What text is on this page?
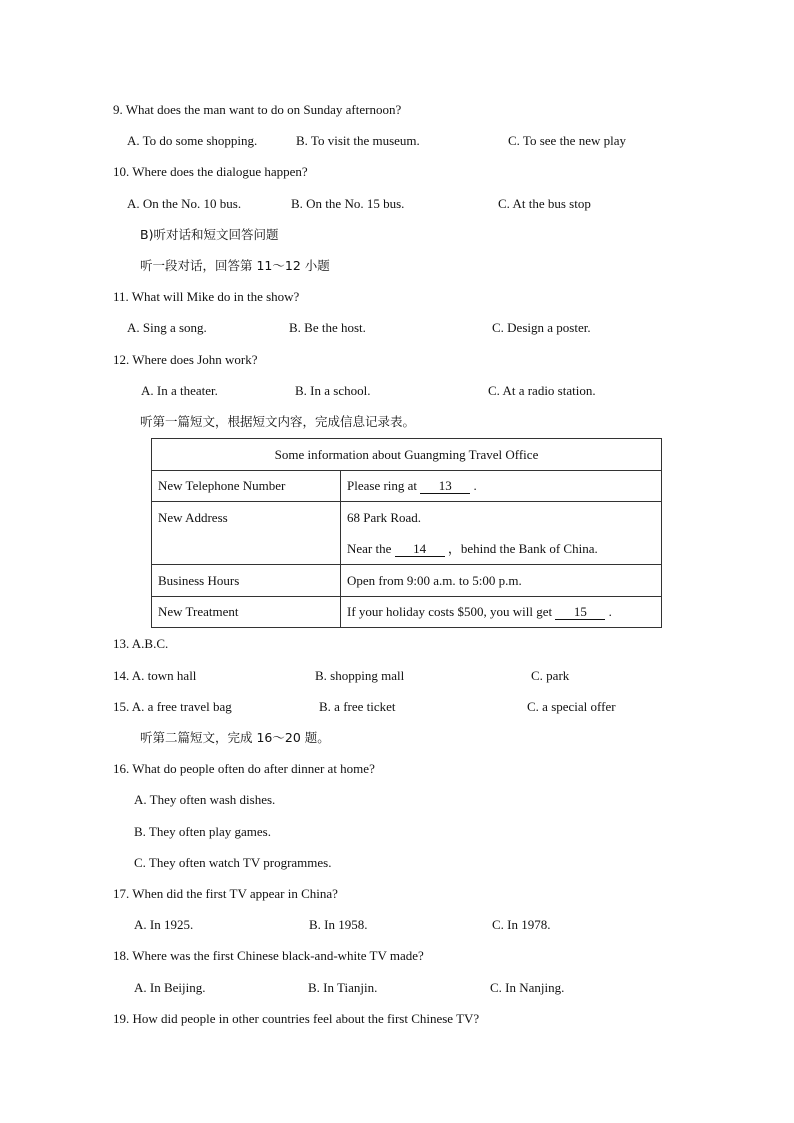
9. What does the man want to do on Sunday afternoon?
A. To do some shopping.	B. To visit the museum.	C. To see the new play
10. Where does the dialogue happen?
A. On the No. 10 bus.	B. On the No. 15 bus.	C. At the bus stop
B)听对话和短文回答问题
听一段对话，回答第 11～12 小题
11. What will Mike do in the show?
A. Sing a song.	B. Be the host.	C. Design a poster.
12. Where does John work?
A. In a theater.	B. In a school.	C. At a radio station.
听第一篇短文，根据短文内容，完成信息记录表。
Some information about Guangming Travel Office	
New Telephone Number	Please ring at 13 .
New Address	68 Park Road.
Near the 14 ，behind the Bank of China.

Business Hours	Open from 9:00 a.m. to 5:00 p.m.
New Treatment	If your holiday costs $500, you will get 15 .
13. A.B.C.
14. A. town hall	B. shopping mall	C. park
15. A. a free travel bag	B. a free ticket	C. a special offer
听第二篇短文，完成 16～20 题。
16. What do people often do after dinner at home?
A. They often wash dishes.
B. They often play games.
C. They often watch TV programmes.
17. When did the first TV appear in China?
A. In 1925.	B. In 1958.	C. In 1978.
18. Where was the first Chinese black-and-white TV made?
A. In Beijing.	B. In Tianjin.	C. In Nanjing.
19. How did people in other countries feel about the first Chinese TV?
